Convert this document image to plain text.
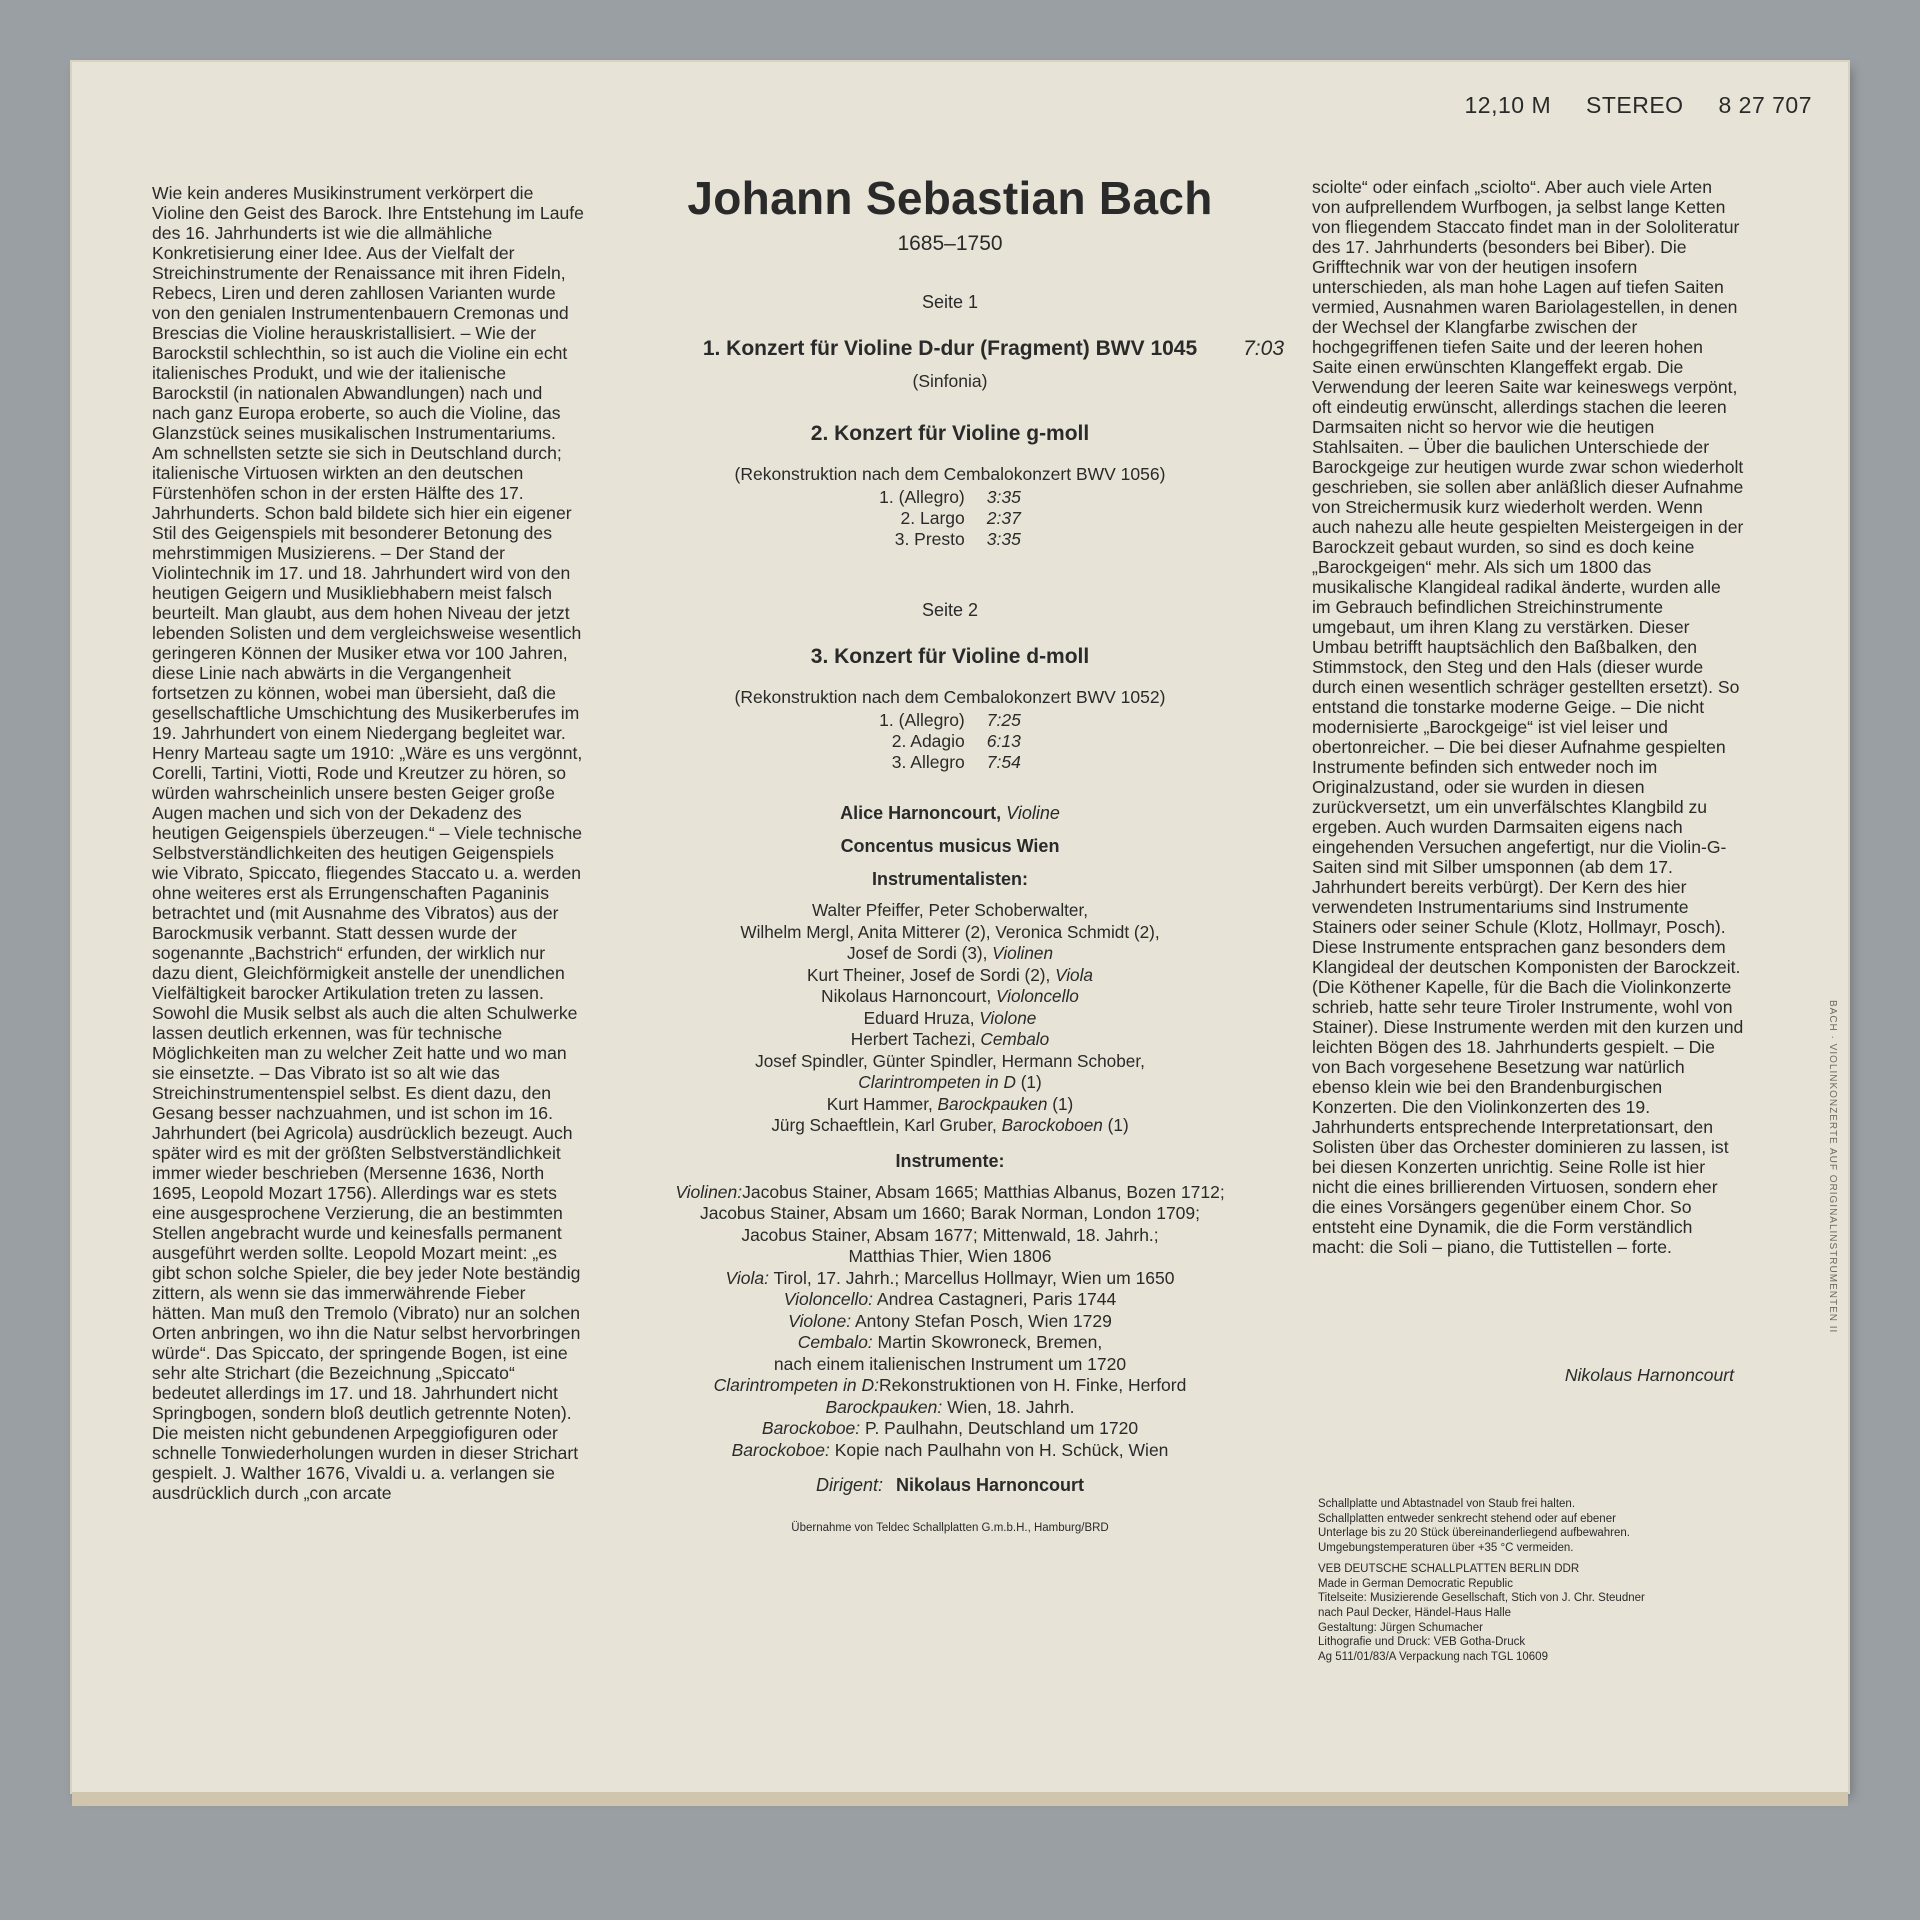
12,10 M STEREO 8 27 707

Wie kein anderes Musikinstrument verkörpert die Violine den Geist des Barock. Ihre Entstehung im Laufe des 16. Jahrhunderts ist wie die allmähliche Konkretisierung einer Idee. Aus der Vielfalt der Streichinstrumente der Renaissance mit ihren Fideln, Rebecs, Liren und deren zahllosen Varianten wurde von den genialen Instrumentenbauern Cremonas und Brescias die Violine herauskristallisiert. – Wie der Barockstil schlechthin, so ist auch die Violine ein echt italienisches Produkt, und wie der italienische Barockstil (in nationalen Abwandlungen) nach und nach ganz Europa eroberte, so auch die Violine, das Glanzstück seines musikalischen Instrumentariums. Am schnellsten setzte sie sich in Deutschland durch; italienische Virtuosen wirkten an den deutschen Fürstenhöfen schon in der ersten Hälfte des 17. Jahrhunderts. Schon bald bildete sich hier ein eigener Stil des Geigenspiels mit besonderer Betonung des mehrstimmigen Musizierens. – Der Stand der Violintechnik im 17. und 18. Jahrhundert wird von den heutigen Geigern und Musikliebhabern meist falsch beurteilt. Man glaubt, aus dem hohen Niveau der jetzt lebenden Solisten und dem vergleichsweise wesentlich geringeren Können der Musiker etwa vor 100 Jahren, diese Linie nach abwärts in die Vergangenheit fortsetzen zu können, wobei man übersieht, daß die gesellschaftliche Umschichtung des Musikerberufes im 19. Jahrhundert von einem Niedergang begleitet war. Henry Marteau sagte um 1910: „Wäre es uns vergönnt, Corelli, Tartini, Viotti, Rode und Kreutzer zu hören, so würden wahrscheinlich unsere besten Geiger große Augen machen und sich von der Dekadenz des heutigen Geigenspiels überzeugen.“ – Viele technische Selbstverständlichkeiten des heutigen Geigenspiels wie Vibrato, Spiccato, fliegendes Staccato u. a. werden ohne weiteres erst als Errungenschaften Paganinis betrachtet und (mit Ausnahme des Vibratos) aus der Barockmusik verbannt. Statt dessen wurde der sogenannte „Bachstrich“ erfunden, der wirklich nur dazu dient, Gleichförmigkeit anstelle der unendlichen Vielfältigkeit barocker Artikulation treten zu lassen. Sowohl die Musik selbst als auch die alten Schulwerke lassen deutlich erkennen, was für technische Möglichkeiten man zu welcher Zeit hatte und wo man sie einsetzte. – Das Vibrato ist so alt wie das Streichinstrumentenspiel selbst. Es dient dazu, den Gesang besser nachzuahmen, und ist schon im 16. Jahrhundert (bei Agricola) ausdrücklich bezeugt. Auch später wird es mit der größten Selbstverständlichkeit immer wieder beschrieben (Mersenne 1636, North 1695, Leopold Mozart 1756). Allerdings war es stets eine ausgesprochene Verzierung, die an bestimmten Stellen angebracht wurde und keinesfalls permanent ausgeführt werden sollte. Leopold Mozart meint: „es gibt schon solche Spieler, die bey jeder Note beständig zittern, als wenn sie das immerwährende Fieber hätten. Man muß den Tremolo (Vibrato) nur an solchen Orten anbringen, wo ihn die Natur selbst hervorbringen würde“. Das Spiccato, der springende Bogen, ist eine sehr alte Strichart (die Bezeichnung „Spiccato“ bedeutet allerdings im 17. und 18. Jahrhundert nicht Springbogen, sondern bloß deutlich getrennte Noten). Die meisten nicht gebundenen Arpeggiofiguren oder schnelle Tonwiederholungen wurden in dieser Strichart gespielt. J. Walther 1676, Vivaldi u. a. verlangen sie ausdrücklich durch „con arcate

Johann Sebastian Bach
1685–1750
Seite 1
1. Konzert für Violine D-dur (Fragment) BWV 1045 7:03
(Sinfonia)
2. Konzert für Violine g-moll
(Rekonstruktion nach dem Cembalokonzert BWV 1056)
1. (Allegro)	3:35
2. Largo	2:37
3. Presto	3:35
Seite 2
3. Konzert für Violine d-moll
(Rekonstruktion nach dem Cembalokonzert BWV 1052)
1. (Allegro)	7:25
2. Adagio	6:13
3. Allegro	7:54
Alice Harnoncourt, Violine
Concentus musicus Wien
Instrumentalisten:
Walter Pfeiffer, Peter Schoberwalter,
Wilhelm Mergl, Anita Mitterer (2), Veronica Schmidt (2),
Josef de Sordi (3), Violinen
Kurt Theiner, Josef de Sordi (2), Viola
Nikolaus Harnoncourt, Violoncello
Eduard Hruza, Violone
Herbert Tachezi, Cembalo
Josef Spindler, Günter Spindler, Hermann Schober,
Clarintrompeten in D (1)
Kurt Hammer, Barockpauken (1)
Jürg Schaeftlein, Karl Gruber, Barockoboen (1)
Instrumente:
Violinen:Jacobus Stainer, Absam 1665; Matthias Albanus, Bozen 1712;
Jacobus Stainer, Absam um 1660; Barak Norman, London 1709;
Jacobus Stainer, Absam 1677; Mittenwald, 18. Jahrh.;
Matthias Thier, Wien 1806
Viola: Tirol, 17. Jahrh.; Marcellus Hollmayr, Wien um 1650
Violoncello: Andrea Castagneri, Paris 1744
Violone: Antony Stefan Posch, Wien 1729
Cembalo: Martin Skowroneck, Bremen,
nach einem italienischen Instrument um 1720
Clarintrompeten in D:Rekonstruktionen von H. Finke, Herford
Barockpauken: Wien, 18. Jahrh.
Barockoboe: P. Paulhahn, Deutschland um 1720
Barockoboe: Kopie nach Paulhahn von H. Schück, Wien
Dirigent: Nikolaus Harnoncourt
Übernahme von Teldec Schallplatten G.m.b.H., Hamburg/BRD

sciolte“ oder einfach „sciolto“. Aber auch viele Arten von aufprellendem Wurfbogen, ja selbst lange Ketten von fliegendem Staccato findet man in der Sololiteratur des 17. Jahrhunderts (besonders bei Biber). Die Grifftechnik war von der heutigen insofern unterschieden, als man hohe Lagen auf tiefen Saiten vermied, Ausnahmen waren Bariolagestellen, in denen der Wechsel der Klangfarbe zwischen der hochgegriffenen tiefen Saite und der leeren hohen Saite einen erwünschten Klangeffekt ergab. Die Verwendung der leeren Saite war keineswegs verpönt, oft eindeutig erwünscht, allerdings stachen die leeren Darmsaiten nicht so hervor wie die heutigen Stahlsaiten. – Über die baulichen Unterschiede der Barockgeige zur heutigen wurde zwar schon wiederholt geschrieben, sie sollen aber anläßlich dieser Aufnahme von Streichermusik kurz wiederholt werden. Wenn auch nahezu alle heute gespielten Meistergeigen in der Barockzeit gebaut wurden, so sind es doch keine „Barockgeigen“ mehr. Als sich um 1800 das musikalische Klangideal radikal änderte, wurden alle im Gebrauch befindlichen Streichinstrumente umgebaut, um ihren Klang zu verstärken. Dieser Umbau betrifft hauptsächlich den Baßbalken, den Stimmstock, den Steg und den Hals (dieser wurde durch einen wesentlich schräger gestellten ersetzt). So entstand die tonstarke moderne Geige. – Die nicht modernisierte „Barockgeige“ ist viel leiser und obertonreicher. – Die bei dieser Aufnahme gespielten Instrumente befinden sich entweder noch im Originalzustand, oder sie wurden in diesen zurückversetzt, um ein unverfälschtes Klangbild zu ergeben. Auch wurden Darmsaiten eigens nach eingehenden Versuchen angefertigt, nur die Violin-G-Saiten sind mit Silber umsponnen (ab dem 17. Jahrhundert bereits verbürgt). Der Kern des hier verwendeten Instrumentariums sind Instrumente Stainers oder seiner Schule (Klotz, Hollmayr, Posch). Diese Instrumente entsprachen ganz besonders dem Klangideal der deutschen Komponisten der Barockzeit. (Die Köthener Kapelle, für die Bach die Violinkonzerte schrieb, hatte sehr teure Tiroler Instrumente, wohl von Stainer). Diese Instrumente werden mit den kurzen und leichten Bögen des 18. Jahrhunderts gespielt. – Die von Bach vorgesehene Besetzung war natürlich ebenso klein wie bei den Brandenburgischen Konzerten. Die den Violinkonzerten des 19. Jahrhunderts entsprechende Interpretationsart, den Solisten über das Orchester dominieren zu lassen, ist bei diesen Konzerten unrichtig. Seine Rolle ist hier nicht die eines brillierenden Virtuosen, sondern eher die eines Vorsängers gegenüber einem Chor. So entsteht eine Dynamik, die die Form verständlich macht: die Soli – piano, die Tuttistellen – forte.

Nikolaus Harnoncourt
Schallplatte und Abtastnadel von Staub frei halten.
Schallplatten entweder senkrecht stehend oder auf ebener
Unterlage bis zu 20 Stück übereinanderliegend aufbewahren.
Umgebungstemperaturen über +35 °C vermeiden.
VEB DEUTSCHE SCHALLPLATTEN BERLIN DDR
Made in German Democratic Republic
Titelseite: Musizierende Gesellschaft, Stich von J. Chr. Steudner
nach Paul Decker, Händel-Haus Halle
Gestaltung: Jürgen Schumacher
Lithografie und Druck: VEB Gotha-Druck
Ag 511/01/83/A Verpackung nach TGL 10609
BACH · VIOLINKONZERTE AUF ORIGINALINSTRUMENTEN II
